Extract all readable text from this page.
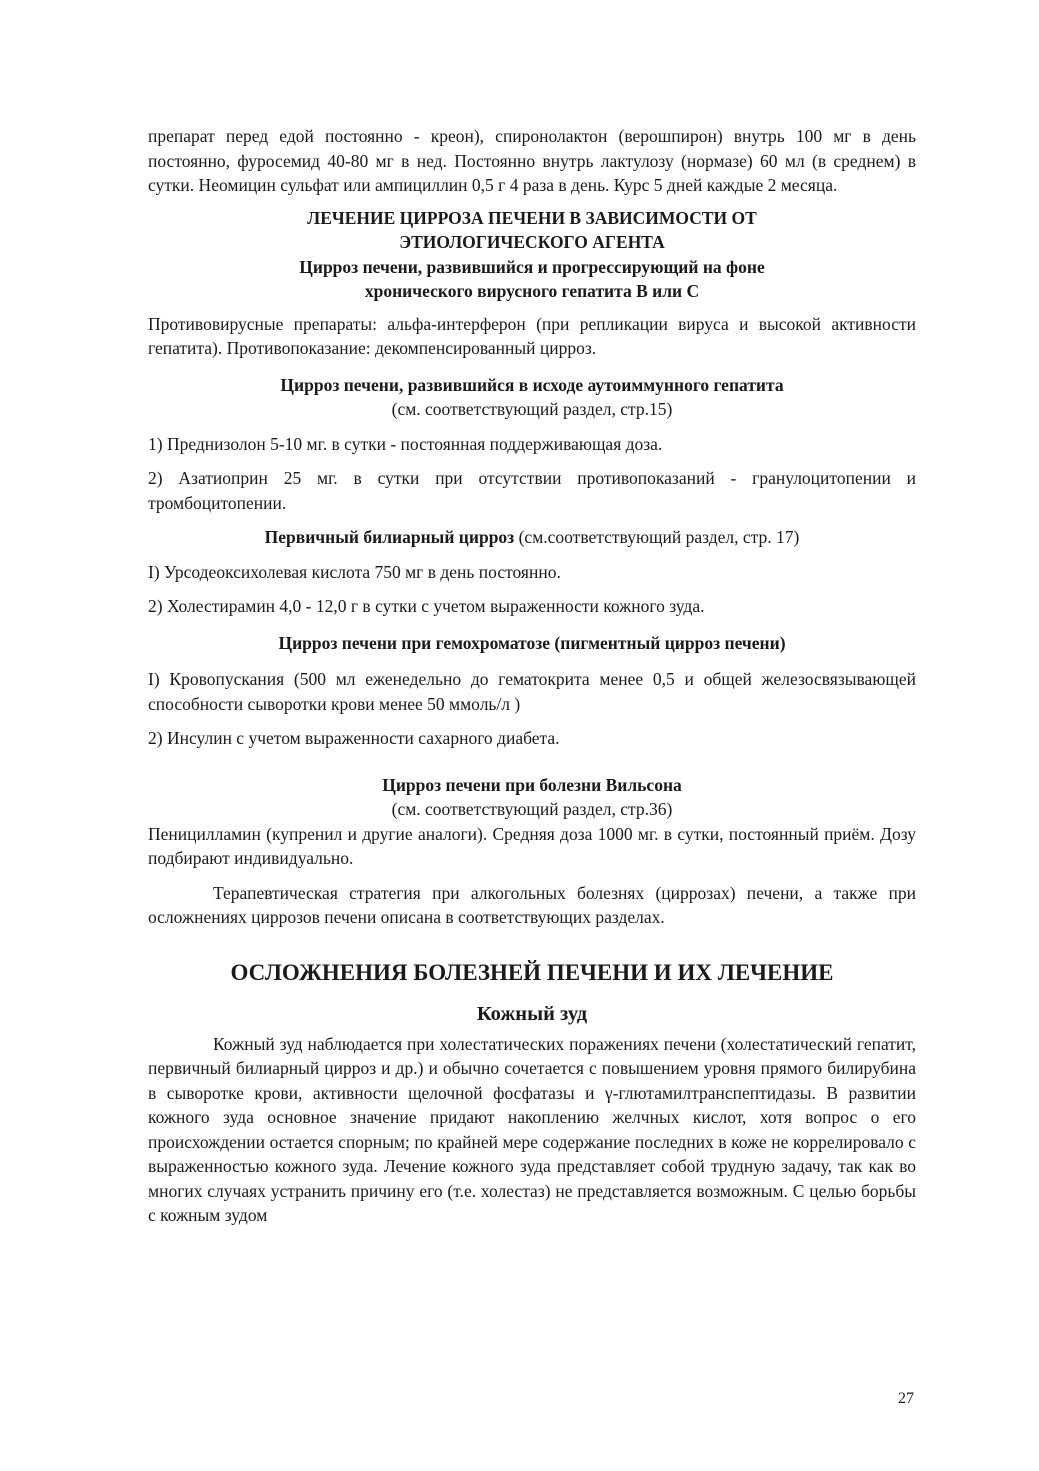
препарат перед едой постоянно - креон), спиронолактон (верошпирон) внутрь 100 мг в день постоянно, фуросемид 40-80 мг в нед. Постоянно внутрь лактулозу (нормазе) 60 мл (в среднем) в сутки. Неомицин сульфат или ампициллин 0,5 г 4 раза в день. Курс 5 дней каждые 2 месяца.

ЛЕЧЕНИЕ ЦИРРОЗА ПЕЧЕНИ В ЗАВИСИМОСТИ ОТ

ЭТИОЛОГИЧЕСКОГО АГЕНТА

Цирроз печени, развившийся и прогрессирующий на фоне

хронического вирусного гепатита В или С

Противовирусные препараты: альфа-интерферон (при репликации вируса и высокой активности гепатита). Противопоказание: декомпенсированный цирроз.

Цирроз печени, развившийся в исходе аутоиммунного гепатита

(см. соответствующий раздел, стр.15)

1) Преднизолон 5-10 мг. в сутки - постоянная поддерживающая доза.

2) Азатиоприн 25 мг. в сутки при отсутствии противопоказаний - гранулоцитопении и тромбоцитопении.

Первичный билиарный цирроз (см.соответствующий раздел, стр. 17)

I) Урсодеоксихолевая кислота 750 мг в день постоянно.

2) Холестирамин 4,0 - 12,0 г в сутки с учетом выраженности кожного зуда.

Цирроз печени при гемохроматозе (пигментный цирроз печени)

I) Кровопускания (500 мл еженедельно до гематокрита менее 0,5 и общей железосвязывающей способности сыворотки крови менее 50 ммоль/л )

2) Инсулин с учетом выраженности сахарного диабета.

Цирроз печени при болезни Вильсона

(см. соответствующий раздел, стр.36)

Пеницилламин (купренил и другие аналоги). Средняя доза 1000 мг. в сутки, постоянный приём. Дозу подбирают индивидуально.

Терапевтическая стратегия при алкогольных болезнях (циррозах) печени, а также при осложнениях циррозов печени описана в соответствующих разделах.

ОСЛОЖНЕНИЯ БОЛЕЗНЕЙ ПЕЧЕНИ И ИХ ЛЕЧЕНИЕ

Кожный зуд

Кожный зуд наблюдается при холестатических поражениях печени (холестатический гепатит, первичный билиарный цирроз и др.) и обычно сочетается с повышением уровня прямого билирубина в сыворотке крови, активности щелочной фосфатазы и γ-глютамилтранспептидазы. В развитии кожного зуда основное значение придают накоплению желчных кислот, хотя вопрос о его происхождении остается спорным; по крайней мере содержание последних в коже не коррелировало с выраженностью кожного зуда. Лечение кожного зуда представляет собой трудную задачу, так как во многих случаях устранить причину его (т.е. холестаз) не представляется возможным. С целью борьбы с кожным зудом

27
